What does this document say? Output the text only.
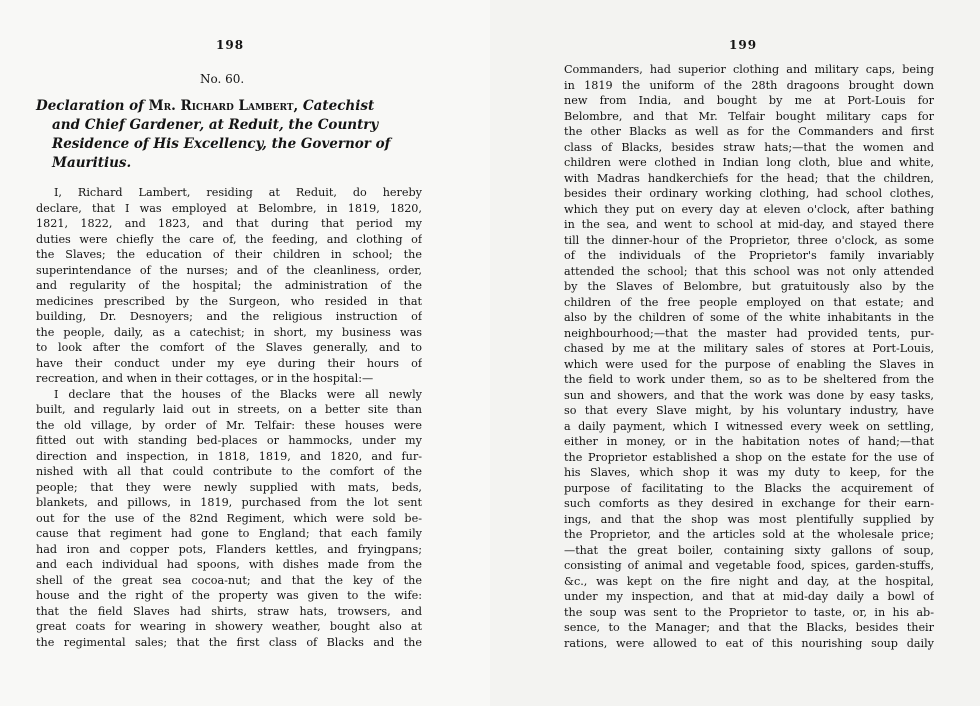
198
No. 60.
Declaration of Mr. Richard Lambert, Catechist
and Chief Gardener, at Reduit, the Country
Residence of His Excellency, the Governor of
Mauritius.
I, Richard Lambert, residing at Reduit, do hereby
declare, that I was employed at Belombre, in 1819, 1820,
1821, 1822, and 1823, and that during that period my
duties were chiefly the care of, the feeding, and clothing of
the Slaves; the education of their children in school; the
superintendance of the nurses; and of the cleanliness, order,
and regularity of the hospital; the administration of the
medicines prescribed by the Surgeon, who resided in that
building, Dr. Desnoyers; and the religious instruction of
the people, daily, as a catechist; in short, my business was
to look after the comfort of the Slaves generally, and to
have their conduct under my eye during their hours of
recreation, and when in their cottages, or in the hospital:—
I declare that the houses of the Blacks were all newly
built, and regularly laid out in streets, on a better site than
the old village, by order of Mr. Telfair: these houses were
fitted out with standing bed-places or hammocks, under my
direction and inspection, in 1818, 1819, and 1820, and fur-
nished with all that could contribute to the comfort of the
people; that they were newly supplied with mats, beds,
blankets, and pillows, in 1819, purchased from the lot sent
out for the use of the 82nd Regiment, which were sold be-
cause that regiment had gone to England; that each family
had iron and copper pots, Flanders kettles, and fryingpans;
and each individual had spoons, with dishes made from the
shell of the great sea cocoa-nut; and that the key of the
house and the right of the property was given to the wife:
that the field Slaves had shirts, straw hats, trowsers, and
great coats for wearing in showery weather, bought also at
the regimental sales; that the first class of Blacks and the
199
Commanders, had superior clothing and military caps, being
in 1819 the uniform of the 28th dragoons brought down
new from India, and bought by me at Port-Louis for
Belombre, and that Mr. Telfair bought military caps for
the other Blacks as well as for the Commanders and first
class of Blacks, besides straw hats;—that the women and
children were clothed in Indian long cloth, blue and white,
with Madras handkerchiefs for the head; that the children,
besides their ordinary working clothing, had school clothes,
which they put on every day at eleven o'clock, after bathing
in the sea, and went to school at mid-day, and stayed there
till the dinner-hour of the Proprietor, three o'clock, as some
of the individuals of the Proprietor's family invariably
attended the school; that this school was not only attended
by the Slaves of Belombre, but gratuitously also by the
children of the free people employed on that estate; and
also by the children of some of the white inhabitants in the
neighbourhood;—that the master had provided tents, pur-
chased by me at the military sales of stores at Port-Louis,
which were used for the purpose of enabling the Slaves in
the field to work under them, so as to be sheltered from the
sun and showers, and that the work was done by easy tasks,
so that every Slave might, by his voluntary industry, have
a daily payment, which I witnessed every week on settling,
either in money, or in the habitation notes of hand;—that
the Proprietor established a shop on the estate for the use of
his Slaves, which shop it was my duty to keep, for the
purpose of facilitating to the Blacks the acquirement of
such comforts as they desired in exchange for their earn-
ings, and that the shop was most plentifully supplied by
the Proprietor, and the articles sold at the wholesale price;
—that the great boiler, containing sixty gallons of soup,
consisting of animal and vegetable food, spices, garden-stuffs,
&c., was kept on the fire night and day, at the hospital,
under my inspection, and that at mid-day daily a bowl of
the soup was sent to the Proprietor to taste, or, in his ab-
sence, to the Manager; and that the Blacks, besides their
rations, were allowed to eat of this nourishing soup daily
